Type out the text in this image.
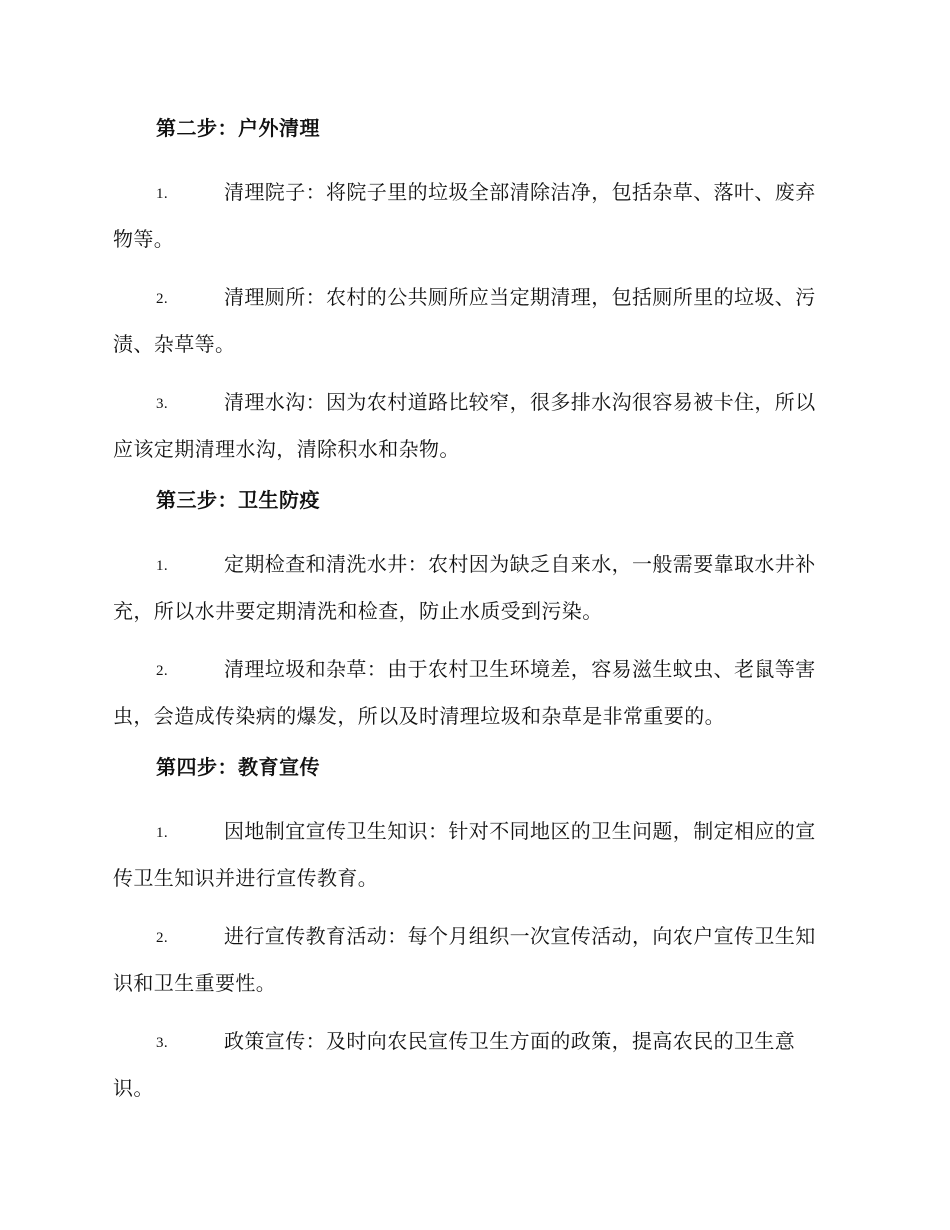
第二步：户外清理
1.	清理院子：将院子里的垃圾全部清除洁净，包括杂草、落叶、废弃物等。
2.	清理厕所：农村的公共厕所应当定期清理，包括厕所里的垃圾、污渍、杂草等。
3.	清理水沟：因为农村道路比较窄，很多排水沟很容易被卡住，所以应该定期清理水沟，清除积水和杂物。
第三步：卫生防疫
1.	定期检查和清洗水井：农村因为缺乏自来水，一般需要靠取水井补充，所以水井要定期清洗和检查，防止水质受到污染。
2.	清理垃圾和杂草：由于农村卫生环境差，容易滋生蚊虫、老鼠等害虫，会造成传染病的爆发，所以及时清理垃圾和杂草是非常重要的。
第四步：教育宣传
1.	因地制宜宣传卫生知识：针对不同地区的卫生问题，制定相应的宣传卫生知识并进行宣传教育。
2.	进行宣传教育活动：每个月组织一次宣传活动，向农户宣传卫生知识和卫生重要性。
3.	政策宣传：及时向农民宣传卫生方面的政策，提高农民的卫生意识。
